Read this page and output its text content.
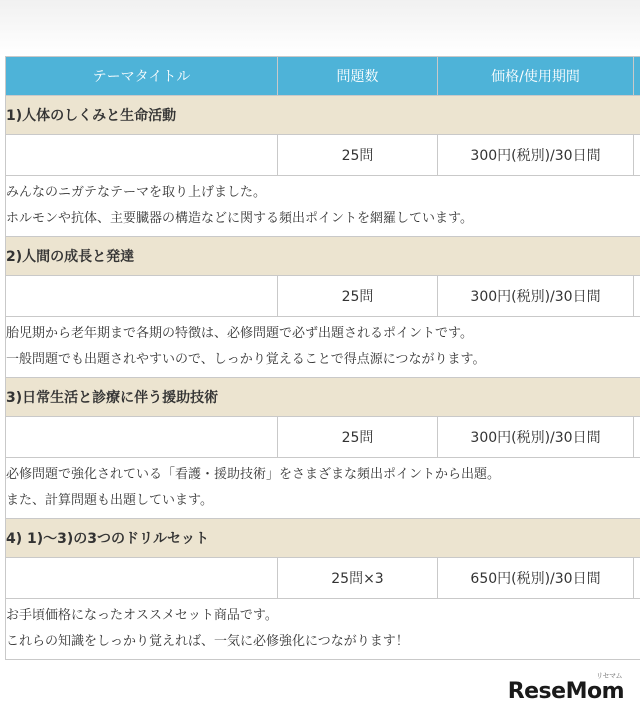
テーマタイトル	問題数	価格/使用期間	
1)人体のしくみと生命活動			
	25問	300円(税別)/30日間	

みんなのニガテなテーマを取り上げました。
ホルモンや抗体、主要臓器の構造などに関する頻出ポイントを網羅しています。			

2)人間の成長と発達			
	25問	300円(税別)/30日間	

胎児期から老年期まで各期の特徴は、必修問題で必ず出題されるポイントです。
一般問題でも出題されやすいので、しっかり覚えることで得点源につながります。			

3)日常生活と診療に伴う援助技術			
	25問	300円(税別)/30日間	

必修問題で強化されている「看護・援助技術」をさまざまな頻出ポイントから出題。
また、計算問題も出題しています。			

4) 1)～3)の3つのドリルセット			
	25問×3	650円(税別)/30日間	

お手頃価格になったオススメセット商品です。
これらの知識をしっかり覚えれば、一気に必修強化につながります！			
リセマム
ReseMom
